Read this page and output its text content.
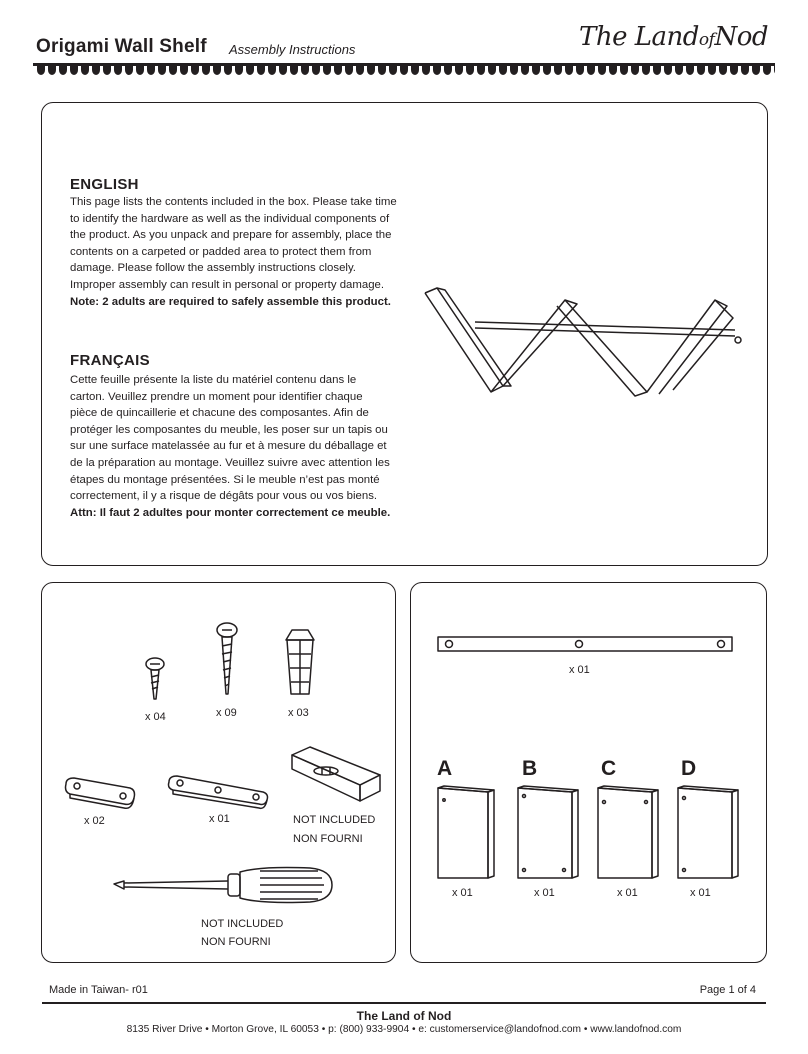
Origami Wall Shelf Assembly Instructions	The LandofNod
ENGLISH
This page lists the contents included in the box. Please take time
to identify the hardware as well as the individual components of
the product. As you unpack and prepare for assembly, place the
contents on a carpeted or padded area to protect them from
damage. Please follow the assembly instructions closely.
Improper assembly can result in personal or property damage.
Note: 2 adults are required to safely assemble this product.
FRANÇAIS
Cette feuille présente la liste du matériel contenu dans le
carton. Veuillez prendre un moment pour identifier chaque
pièce de quincaillerie et chacune des composantes. Afin de
protéger les composantes du meuble, les poser sur un tapis ou
sur une surface matelassée au fur et à mesure du déballage et
de la préparation au montage. Veuillez suivre avec attention les
étapes du montage présentées. Si le meuble n’est pas monté
correctement, il y a risque de dégâts pour vous ou vos biens.
Attn: Il faut 2 adultes pour monter correctement ce meuble.
x 04	x 09	x 03
x 02	x 01	NOT INCLUDED
NON FOURNI
NOT INCLUDED
NON FOURNI
x 01
A
x 01
B
x 01
C
x 01
D
x 01
Made in Taiwan- r01	Page 1 of 4
The Land of Nod
8135 River Drive • Morton Grove, IL 60053 • p: (800) 933-9904 • e: customerservice@landofnod.com • www.landofnod.com
